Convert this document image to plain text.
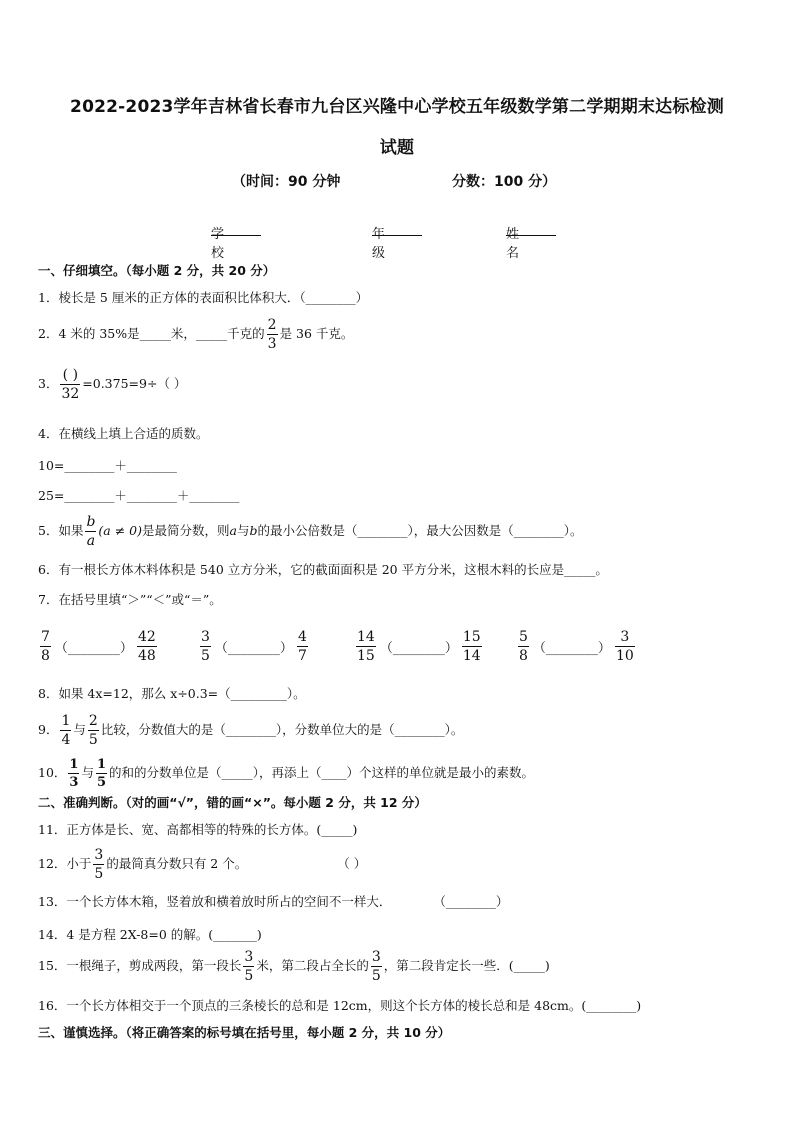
2022-2023学年吉林省长春市九台区兴隆中心学校五年级数学第二学期期末达标检测
试题
（时间：90 分钟	分数：100 分）
学校
年级
姓名
一、仔细填空。（每小题 2 分，共 20 分）
1．棱长是 5 厘米的正方体的表面积比体积大．（________）
2．4 米的 35%是_____米，_____千克的 $\frac{2}{3}$ 是 36 千克。
3． $\frac{( )}{32} =0.375=9\div$（ ）
4．在横线上填上合适的质数。
10=________＋________
25=________＋________＋________
5．如果 $\frac{b}{a} (a \ne 0)$是最简分数，则a与b的最小公倍数是（________），最大公因数是（________）。
6．有一根长方体木料体积是 540 立方分米，它的截面面积是 20 平方分米，这根木料的长应是_____。
7．在括号里填“＞”“＜”或“＝”。
$\frac{7}{8}$ （________） $\frac{42}{48}$	$\frac{3}{5}$ （________） $\frac{4}{7}$	$\frac{14}{15}$ （________） $\frac{15}{14}$	$\frac{5}{8}$ （________） $\frac{3}{10}$
8．如果 4x=12，那么 x÷0.3=（_________）。
9． $\frac{1}{4}$ 与 $\frac{2}{5}$ 比较，分数值大的是（________），分数单位大的是（________）。
10． $\frac{1}{3}$ 与 $\frac{1}{5}$ 的和的分数单位是（_____），再添上（____）个这样的单位就是最小的素数。
二、准确判断。（对的画“√”，错的画“×”。每小题 2 分，共 12 分）
11．正方体是长、宽、高都相等的特殊的长方体。(_____)
12．小于 $\frac{3}{5}$ 的最简真分数只有 2 个。	（ ）
13．一个长方体木箱，竖着放和横着放时所占的空间不一样大．	（________）
14．4 是方程 2X-8=0 的解。(_______)
15．一根绳子，剪成两段，第一段长 $\frac{3}{5}$ 米，第二段占全长的 $\frac{3}{5}$ ，第二段肯定长一些．(_____)
16．一个长方体相交于一个顶点的三条棱长的总和是 12cm，则这个长方体的棱长总和是 48cm。(________)
三、谨慎选择。（将正确答案的标号填在括号里，每小题 2 分，共 10 分）
